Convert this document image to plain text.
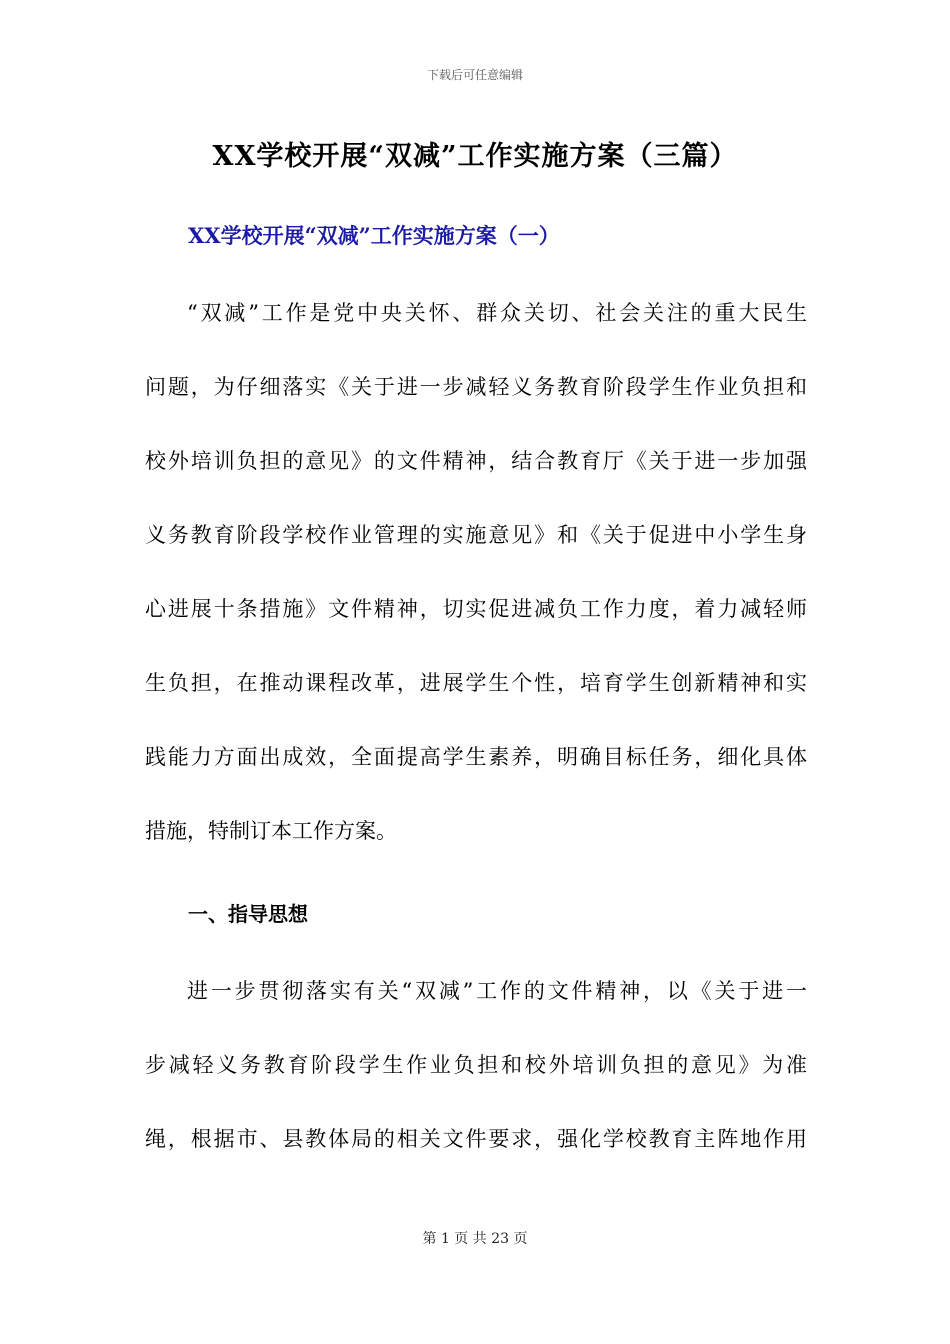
下载后可任意编辑
XX学校开展“双减”工作实施方案（三篇）
XX学校开展“双减”工作实施方案（一）
“双减”工作是党中央关怀、群众关切、社会关注的重大民生
问题，为仔细落实《关于进一步减轻义务教育阶段学生作业负担和
校外培训负担的意见》的文件精神，结合教育厅《关于进一步加强
义务教育阶段学校作业管理的实施意见》和《关于促进中小学生身
心进展十条措施》文件精神，切实促进减负工作力度，着力减轻师
生负担，在推动课程改革，进展学生个性，培育学生创新精神和实
践能力方面出成效，全面提高学生素养，明确目标任务，细化具体
措施，特制订本工作方案。
一、指导思想
进一步贯彻落实有关“双减”工作的文件精神，以《关于进一
步减轻义务教育阶段学生作业负担和校外培训负担的意见》为准
绳，根据市、县教体局的相关文件要求，强化学校教育主阵地作用
第 1 页 共 23 页
